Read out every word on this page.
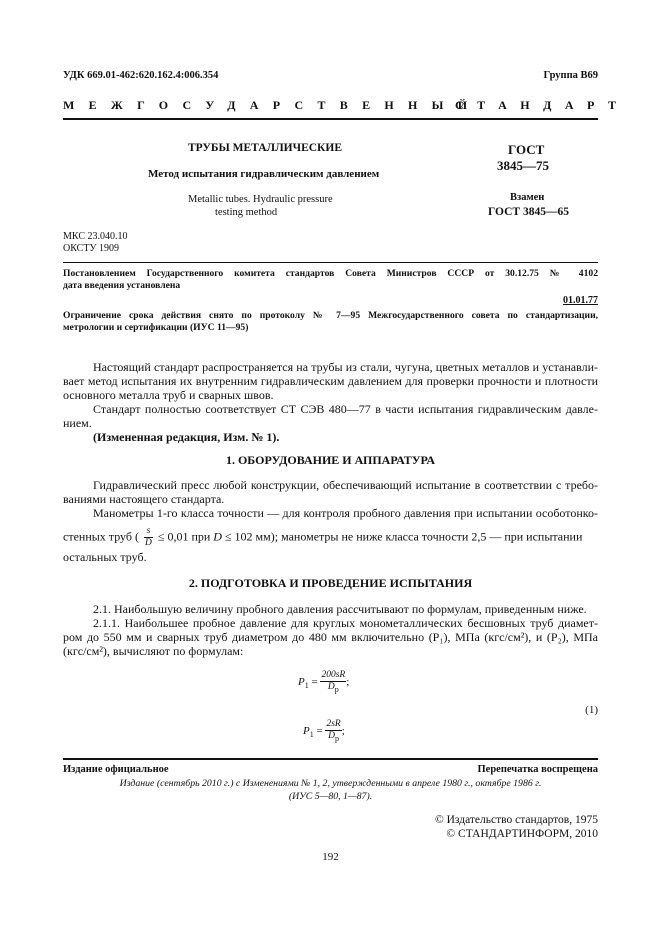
УДК 669.01-462:620.162.4:006.354	Группа В69
МЕЖГОСУДАРСТВЕННЫЙ
СТАНДАРТ
ТРУБЫ МЕТАЛЛИЧЕСКИЕ
Метод испытания гидравлическим давлением
Metallic tubes. Hydraulic pressure
testing method
ГОСТ
3845—75
Взамен
ГОСТ 3845—65
МКС 23.040.10
ОКСТУ 1909
Постановлением Государственного комитета стандартов Совета Министров СССР от 30.12.75 № 4102
дата введения установлена
01.01.77
Ограничение срока действия снято по протоколу № 7—95 Межгосударственного совета по стандартизации,
метрологии и сертификации (ИУС 11—95)
Настоящий стандарт распространяется на трубы из стали, чугуна, цветных металлов и устанавли-
вает метод испытания их внутренним гидравлическим давлением для проверки прочности и плотности
основного металла труб и сварных швов.
Стандарт полностью соответствует СТ СЭВ 480—77 в части испытания гидравлическим давле-
нием.
(Измененная редакция, Изм. № 1).
1. ОБОРУДОВАНИЕ И АППАРАТУРА
Гидравлический пресс любой конструкции, обеспечивающий испытание в соответствии с требо-
ваниями настоящего стандарта.
Манометры 1-го класса точности — для контроля пробного давления при испытании особотонко-
стенных труб ( $\frac{s}{D} \le 0,01$ при D ≤ 102 мм); манометры не ниже класса точности 2,5 — при испытании
остальных труб.
2. ПОДГОТОВКА И ПРОВЕДЕНИЕ ИСПЫТАНИЯ
2.1. Наибольшую величину пробного давления рассчитывают по формулам, приведенным ниже.
2.1.1. Наибольшее пробное давление для круглых монометаллических бесшовных труб диамет-
ром до 550 мм и сварных труб диаметром до 480 мм включительно (P₁), МПа (кгс/см²), и (P₂), МПа
(кгс/см²), вычисляют по формулам:
$P_1 = \frac{200sR}{D_р}$ ;
(1)
$P_1 = \frac{2sR}{D_р}$ ;
Издание официальное	Перепечатка воспрещена
Издание (сентябрь 2010 г.) с Изменениями № 1, 2, утвержденными в апреле 1980 г., октябре 1986 г.
(ИУС 5—80, 1—87).
© Издательство стандартов, 1975
© СТАНДАРТИНФОРМ, 2010
192
